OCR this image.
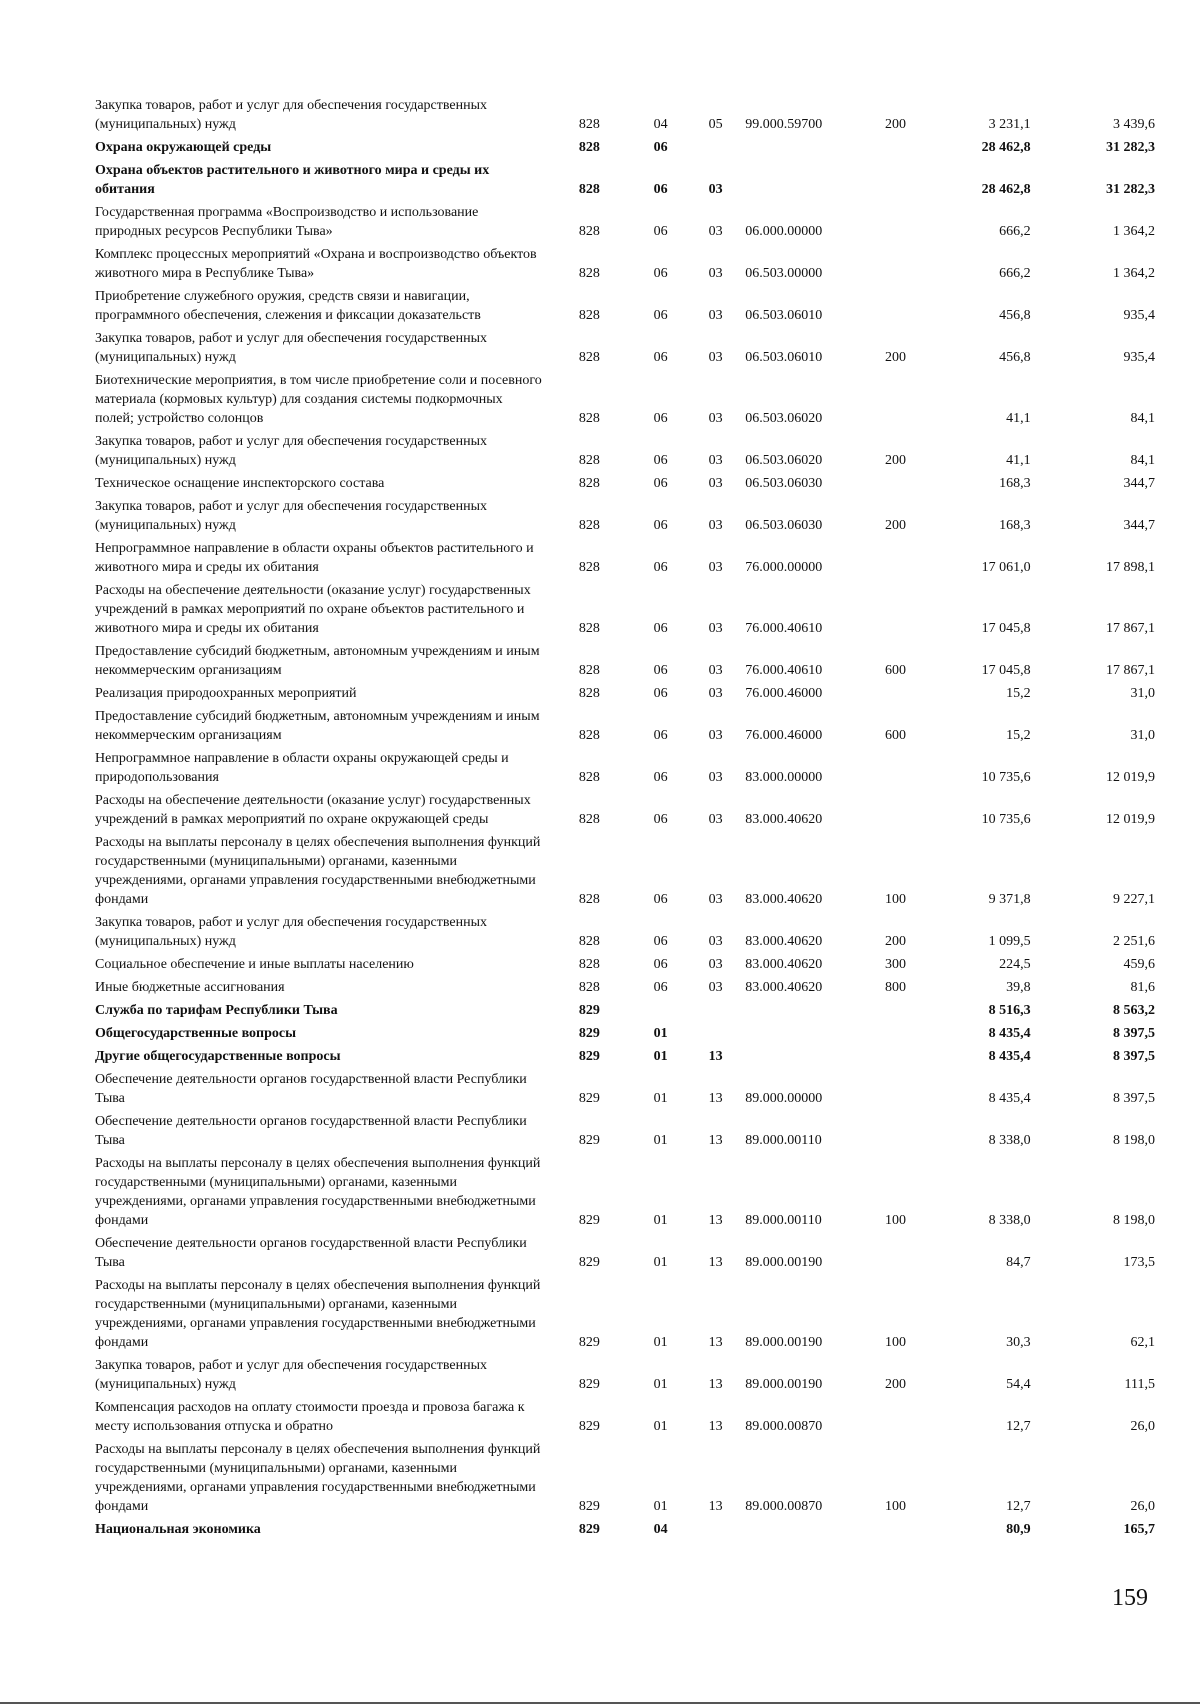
Закупка товаров, работ и услуг для обеспечения государственных (муниципальных) нужд	828	04	05	99.000.59700	200	3 231,1	3 439,6
Охрана окружающей среды	828	06				28 462,8	31 282,3
Охрана объектов растительного и животного мира и среды их обитания	828	06	03			28 462,8	31 282,3
Государственная программа «Воспроизводство и использование природных ресурсов Республики Тыва»	828	06	03	06.000.00000		666,2	1 364,2
Комплекс процессных мероприятий «Охрана и воспроизводство объектов животного мира в Республике Тыва»	828	06	03	06.503.00000		666,2	1 364,2
Приобретение служебного оружия, средств связи и навигации, программного обеспечения, слежения и фиксации доказательств	828	06	03	06.503.06010		456,8	935,4
Закупка товаров, работ и услуг для обеспечения государственных (муниципальных) нужд	828	06	03	06.503.06010	200	456,8	935,4
Биотехнические мероприятия, в том числе приобретение соли и посевного материала (кормовых культур) для создания системы подкормочных полей; устройство солонцов	828	06	03	06.503.06020		41,1	84,1
Закупка товаров, работ и услуг для обеспечения государственных (муниципальных) нужд	828	06	03	06.503.06020	200	41,1	84,1
Техническое оснащение инспекторского состава	828	06	03	06.503.06030		168,3	344,7
Закупка товаров, работ и услуг для обеспечения государственных (муниципальных) нужд	828	06	03	06.503.06030	200	168,3	344,7
Непрограммное направление в области охраны объектов растительного и животного мира и среды их обитания	828	06	03	76.000.00000		17 061,0	17 898,1
Расходы на обеспечение деятельности (оказание услуг) государственных учреждений в рамках мероприятий по охране объектов растительного и животного мира и среды их обитания	828	06	03	76.000.40610		17 045,8	17 867,1
Предоставление субсидий бюджетным, автономным учреждениям и иным некоммерческим организациям	828	06	03	76.000.40610	600	17 045,8	17 867,1
Реализация природоохранных мероприятий	828	06	03	76.000.46000		15,2	31,0
Предоставление субсидий бюджетным, автономным учреждениям и иным некоммерческим организациям	828	06	03	76.000.46000	600	15,2	31,0
Непрограммное направление в области охраны окружающей среды и природопользования	828	06	03	83.000.00000		10 735,6	12 019,9
Расходы на обеспечение деятельности (оказание услуг) государственных учреждений в рамках мероприятий по охране окружающей среды	828	06	03	83.000.40620		10 735,6	12 019,9
Расходы на выплаты персоналу в целях обеспечения выполнения функций государственными (муниципальными) органами, казенными учреждениями, органами управления государственными внебюджетными фондами	828	06	03	83.000.40620	100	9 371,8	9 227,1
Закупка товаров, работ и услуг для обеспечения государственных (муниципальных) нужд	828	06	03	83.000.40620	200	1 099,5	2 251,6
Социальное обеспечение и иные выплаты населению	828	06	03	83.000.40620	300	224,5	459,6
Иные бюджетные ассигнования	828	06	03	83.000.40620	800	39,8	81,6
Служба по тарифам Республики Тыва	829					8 516,3	8 563,2
Общегосударственные вопросы	829	01				8 435,4	8 397,5
Другие общегосударственные вопросы	829	01	13			8 435,4	8 397,5
Обеспечение деятельности органов государственной власти Республики Тыва	829	01	13	89.000.00000		8 435,4	8 397,5
Обеспечение деятельности органов государственной власти Республики Тыва	829	01	13	89.000.00110		8 338,0	8 198,0
Расходы на выплаты персоналу в целях обеспечения выполнения функций государственными (муниципальными) органами, казенными учреждениями, органами управления государственными внебюджетными фондами	829	01	13	89.000.00110	100	8 338,0	8 198,0
Обеспечение деятельности органов государственной власти Республики Тыва	829	01	13	89.000.00190		84,7	173,5
Расходы на выплаты персоналу в целях обеспечения выполнения функций государственными (муниципальными) органами, казенными учреждениями, органами управления государственными внебюджетными фондами	829	01	13	89.000.00190	100	30,3	62,1
Закупка товаров, работ и услуг для обеспечения государственных (муниципальных) нужд	829	01	13	89.000.00190	200	54,4	111,5
Компенсация расходов на оплату стоимости проезда и провоза багажа к месту использования отпуска и обратно	829	01	13	89.000.00870		12,7	26,0
Расходы на выплаты персоналу в целях обеспечения выполнения функций государственными (муниципальными) органами, казенными учреждениями, органами управления государственными внебюджетными фондами	829	01	13	89.000.00870	100	12,7	26,0
Национальная экономика	829	04				80,9	165,7
159
